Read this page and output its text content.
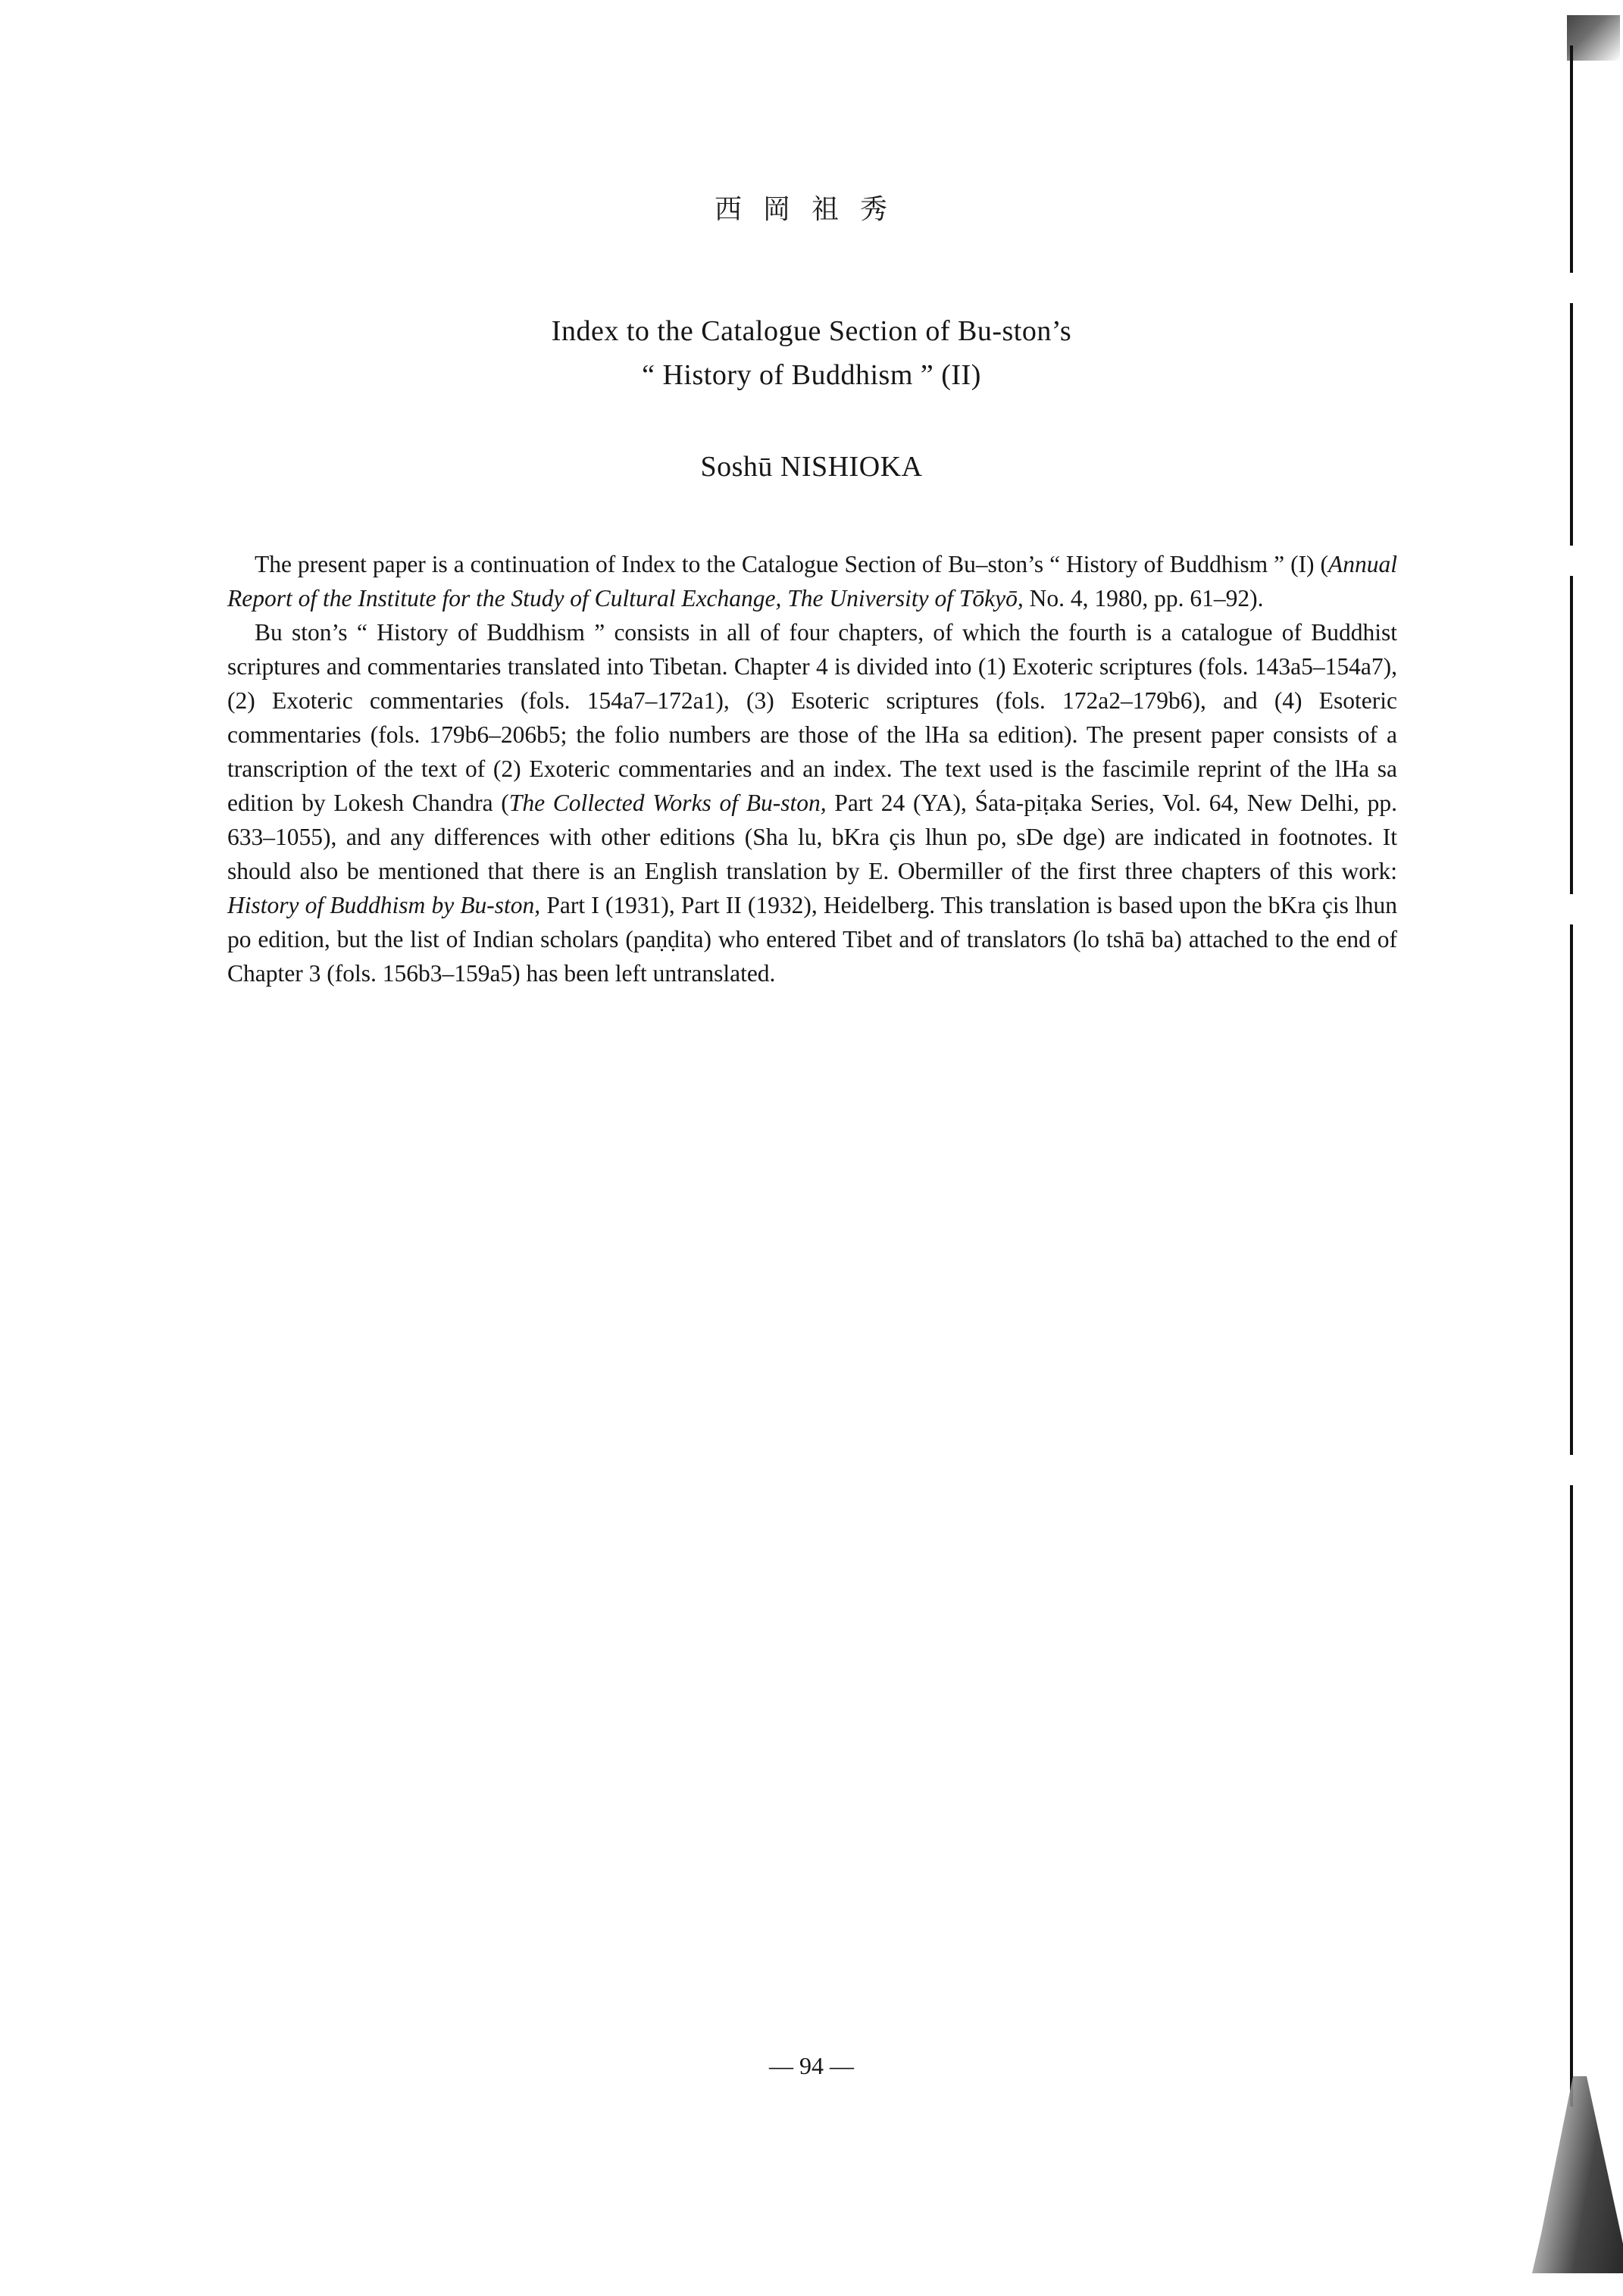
西岡祖秀
Index to the Catalogue Section of Bu-ston’s
“ History of Buddhism ” (II)
Soshū NISHIOKA

The present paper is a continuation of Index to the Catalogue Section of Bu–ston’s “ History of Buddhism ” (I) (Annual Report of the Institute for the Study of Cultural Exchange, The University of Tōkyō, No. 4, 1980, pp. 61–92).

Bu ston’s “ History of Buddhism ” consists in all of four chapters, of which the fourth is a catalogue of Buddhist scriptures and commentaries translated into Tibetan. Chapter 4 is divided into (1) Exoteric scriptures (fols. 143a5–154a7), (2) Exoteric commentaries (fols. 154a7–172a1), (3) Esoteric scriptures (fols. 172a2–179b6), and (4) Esoteric commentaries (fols. 179b6–206b5; the folio numbers are those of the lHa sa edition). The present paper consists of a transcription of the text of (2) Exoteric commentaries and an index. The text used is the fascimile reprint of the lHa sa edition by Lokesh Chandra (The Collected Works of Bu-ston, Part 24 (YA), Śata-piṭaka Series, Vol. 64, New Delhi, pp. 633–1055), and any differences with other editions (Sha lu, bKra çis lhun po, sDe dge) are indicated in footnotes. It should also be mentioned that there is an English translation by E. Obermiller of the first three chapters of this work: History of Buddhism by Bu-ston, Part I (1931), Part II (1932), Heidelberg. This translation is based upon the bKra çis lhun po edition, but the list of Indian scholars (paṇḍita) who entered Tibet and of translators (lo tshā ba) attached to the end of Chapter 3 (fols. 156b3–159a5) has been left untranslated.

— 94 —
